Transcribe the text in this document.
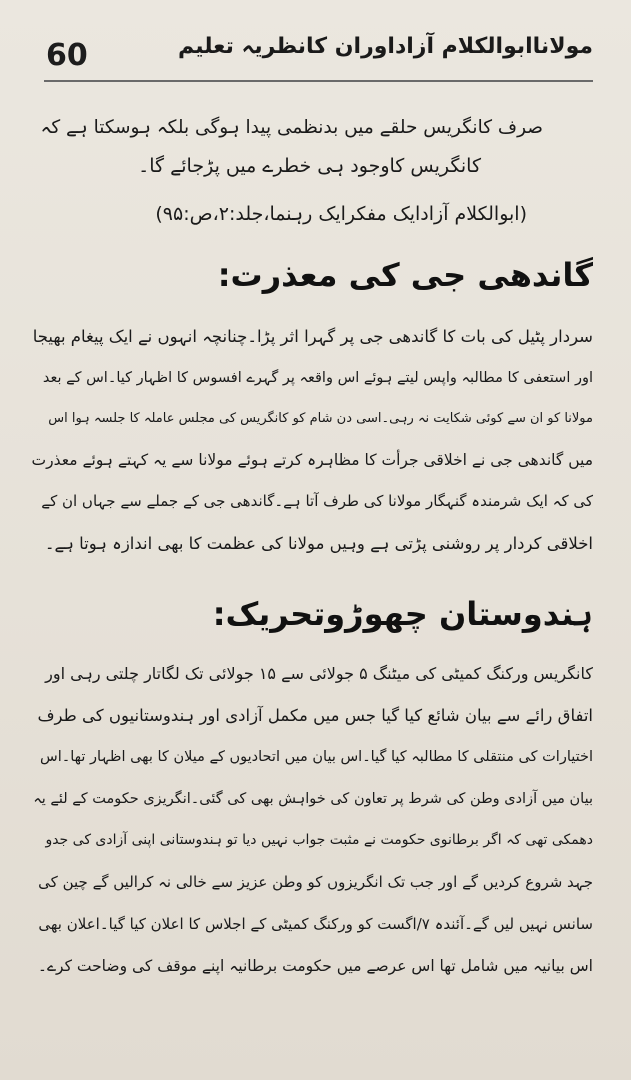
60	مولاناابوالکلام آزاداوران کانظریہ تعلیم
صرف کانگریس حلقے میں بدنظمی پیدا ہوگی بلکہ ہوسکتا ہے کہ
کانگریس کاوجود ہی خطرے میں پڑجائے گا۔
(ابوالکلام آزادایک مفکرایک رہنما،جلد:۲،ص:۹۵)
گاندھی جی کی معذرت:
سردار پٹیل کی بات کا گاندھی جی پر گہرا اثر پڑا۔چنانچہ انہوں نے ایک پیغام بھیجا
اور استعفی کا مطالبہ واپس لیتے ہوئے اس واقعہ پر گہرے افسوس کا اظہار کیا۔اس کے بعد
مولانا کو ان سے کوئی شکایت نہ رہی۔اسی دن شام کو کانگریس کی مجلس عاملہ کا جلسہ ہوا اس
میں گاندھی جی نے اخلاقی جرأت کا مظاہرہ کرتے ہوئے مولانا سے یہ کہتے ہوئے معذرت
کی کہ ایک شرمندہ گنہگار مولانا کی طرف آتا ہے۔گاندھی جی کے جملے سے جہاں ان کے
اخلاقی کردار پر روشنی پڑتی ہے وہیں مولانا کی عظمت کا بھی اندازہ ہوتا ہے۔
ہندوستان چھوڑوتحریک:
کانگریس ورکنگ کمیٹی کی میٹنگ ۵ جولائی سے ۱۵ جولائی تک لگاتار چلتی رہی اور
اتفاق رائے سے بیان شائع کیا گیا جس میں مکمل آزادی اور ہندوستانیوں کی طرف
اختیارات کی منتقلی کا مطالبہ کیا گیا۔اس بیان میں اتحادیوں کے میلان کا بھی اظہار تھا۔اس
بیان میں آزادی وطن کی شرط پر تعاون کی خواہش بھی کی گئی۔انگریزی حکومت کے لئے یہ
دھمکی تھی کہ اگر برطانوی حکومت نے مثبت جواب نہیں دیا تو ہندوستانی اپنی آزادی کی جدو
جہد شروع کردیں گے اور جب تک انگریزوں کو وطن عزیز سے خالی نہ کرالیں گے چین کی
سانس نہیں لیں گے۔آئندہ ۷/اگست کو ورکنگ کمیٹی کے اجلاس کا اعلان کیا گیا۔اعلان بھی
اس بیانیہ میں شامل تھا اس عرصے میں حکومت برطانیہ اپنے موقف کی وضاحت کرے۔
